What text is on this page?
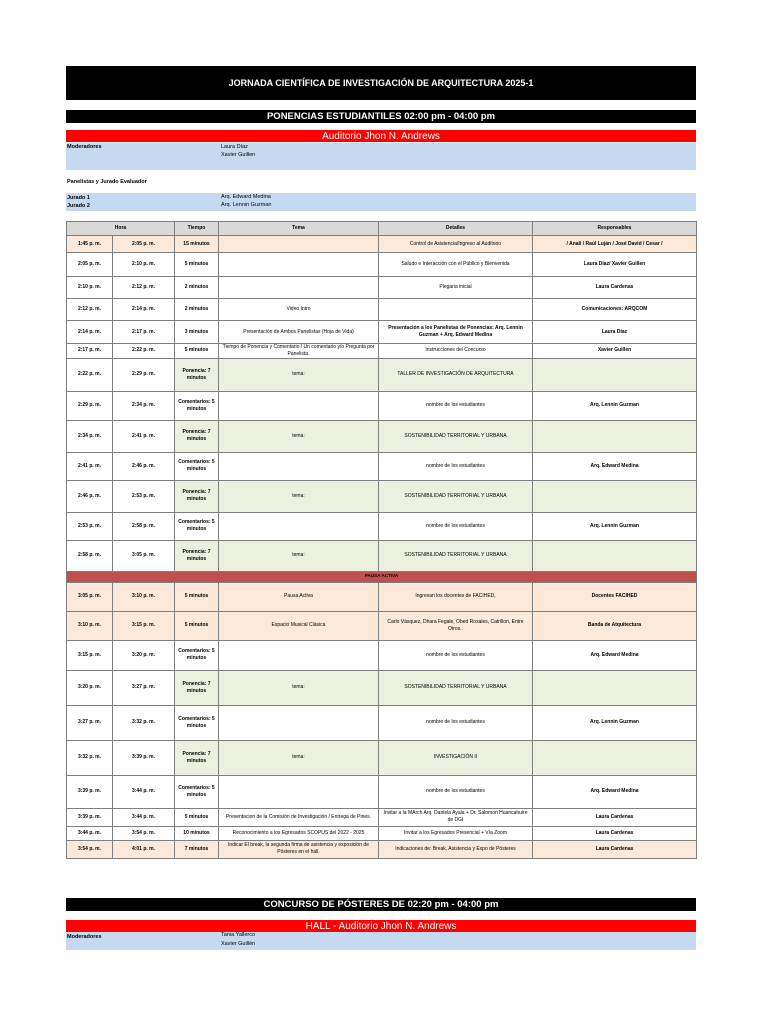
JORNADA CIENTÍFICA DE INVESTIGACIÓN DE ARQUITECTURA 2025-1
PONENCIAS ESTUDIANTILES 02:00 pm - 04:00 pm
Auditorio Jhon N. Andrews
Moderadores	Laura Díaz
Xavier Guillen
Panelistas y Jurado Evaluador
Jurado 1	Arq. Edward Medina
Jurado 2	Arq. Lennin Guzman
Hora		Tiempo	Tema	Detalles	Responsables
1:45 p. m.	2:05 p. m.	15 minutos		Control de Asistencia/Ingreso al Auditorio	/ Anali / Raúl Luján / José David / Cesar /
2:05 p. m.	2:10 p. m.	5 minutos		Saludo e Interacción con el Público y Bienvenida	Laura Díaz/ Xavier Guillen
2:10 p. m.	2:12 p. m.	2 minutos		Plegaria inicial	Laura Cardenas
2:12 p. m.	2:14 p. m.	2 minutos	Video Intro		Comunicaciones: ARQCOM
2:14 p. m.	2:17 p. m.	3 minutos	Presentación de Ambos Panelistas (Hoja de Vida)	Presentación a los Panelistas de Ponencias: Arq. Lennin Guzman + Arq. Edward Medina	Laura Díaz
2:17 p. m.	2:22 p. m.	5 minutos	Tiempo de Ponencia y Comentario / Un comentario y/o Pregunta por Panelista.	Instrucciones del Concurso	Xavier Guillen
2:22 p. m.	2:29 p. m.	Ponencia: 7 minutos	tema:	TALLER DE INVESTIGACIÓN DE ARQUITECTURA	
2:29 p. m.	2:34 p. m.	Comentarios: 5 minutos		nombre de los estudiantes	Arq. Lennin Guzman
2:34 p. m.	2:41 p. m.	Ponencia: 7 minutos	tema:	SOSTENIBILIDAD TERRITORIAL Y URBANA	
2:41 p. m.	2:46 p. m.	Comentarios: 5 minutos		nombre de los estudiantes	Arq. Edward Medina
2:46 p. m.	2:53 p. m.	Ponencia: 7 minutos	tema:	SOSTENIBILIDAD TERRITORIAL Y URBANA	
2:53 p. m.	2:58 p. m.	Comentarios: 5 minutos		nombre de los estudiantes	Arq. Lennin Guzman
2:58 p. m.	3:05 p. m.	Ponencia: 7 minutos	tema:	SOSTENIBILIDAD TERRITORIAL Y URBANA	
PAUSA ACTIVA					
3:05 p. m.	3:10 p. m.	5 minutos	Pausa Activa	Ingresan los docentes de FACIHED,	Docentes FACIHED
3:10 p. m.	3:15 p. m.	5 minutos	Espacio Musical Clásica	Carlo Vásquez, Dhara Fegale, Obed Rosales, Catrillon, Entre Otros..	Banda de Atquitectura
3:15 p. m.	3:20 p. m.	Comentarios: 5 minutos		nombre de los estudiantes	Arq. Edward Medina
3:20 p. m.	3:27 p. m.	Ponencia: 7 minutos	tema:	SOSTENIBILIDAD TERRITORIAL Y URBANA	
3:27 p. m.	3:32 p. m.	Comentarios: 5 minutos		nombre de los estudiantes	Arq. Lennin Guzman
3:32 p. m.	3:39 p. m.	Ponencia: 7 minutos	tema:	INVESTIGACIÓN II	
3:39 p. m.	3:44 p. m.	Comentarios: 5 minutos		nombre de los estudiantes	Arq. Edward Medina
3:39 p. m.	3:44 p. m.	5 minutos	Presentacion de la Comisión de Investigación / Entrega de Pines.	Invitar a la MArch Arq. Daniela Ayala + Dr. Salomon Huancahuire de DGI	Laura Cardenas
3:44 p. m.	3:54 p. m.	10 minutos	Reconocimiento a los Egresados SCOPUS del 2022 - 2025	Invitar a los Egresados Presencial + Vía Zoom	Laura Cardenas
3:54 p. m.	4:01 p. m.	7 minutos	Indicar El break, la segunda firma de asistencia y exposición de Pósteres en el hall.	Indicaciones de: Break, Asistencia y Expo de Pósteres	Laura Cardenas
CONCURSO DE PÓSTERES DE 02:20 pm - 04:00 pm
HALL - Auditorio Jhon N. Andrews
Moderadores	Tania Yallerco
Xavier Guillén
